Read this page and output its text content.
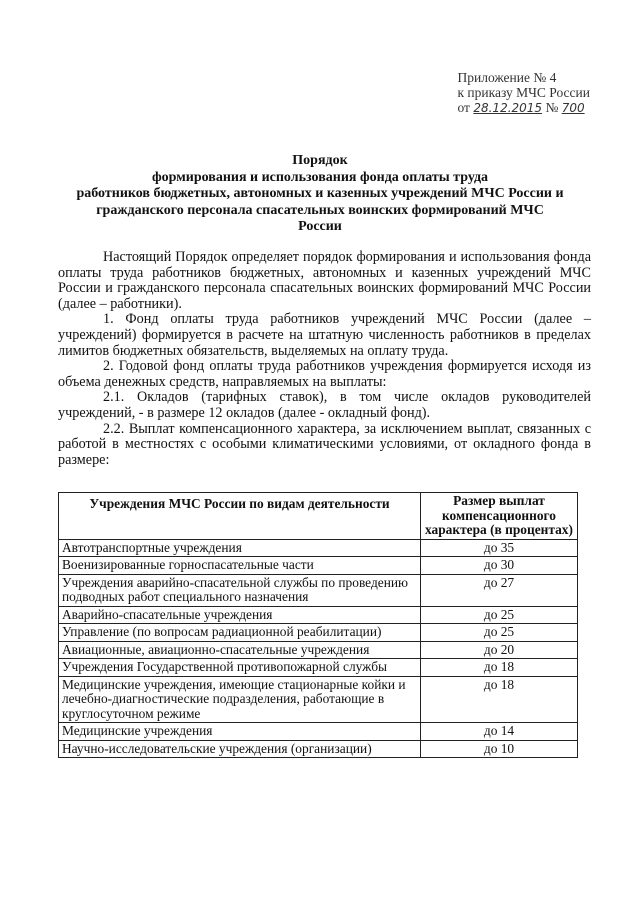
Приложение № 4
к приказу МЧС России
от 28.12.2015 № 700
Порядок
формирования и использования фонда оплаты труда
работников бюджетных, автономных и казенных учреждений МЧС России и
гражданского персонала спасательных воинских формирований МЧС
России

Настоящий Порядок определяет порядок формирования и использования фонда оплаты труда работников бюджетных, автономных и казенных учреждений МЧС России и гражданского персонала спасательных воинских формирований МЧС России (далее – работники).

1. Фонд оплаты труда работников учреждений МЧС России (далее – учреждений) формируется в расчете на штатную численность работников в пределах лимитов бюджетных обязательств, выделяемых на оплату труда.

2. Годовой фонд оплаты труда работников учреждения формируется исходя из объема денежных средств, направляемых на выплаты:

2.1. Окладов (тарифных ставок), в том числе окладов руководителей учреждений, - в размере 12 окладов (далее - окладный фонд).

2.2. Выплат компенсационного характера, за исключением выплат, связанных с работой в местностях с особыми климатическими условиями, от окладного фонда в размере:

Учреждения МЧС России по видам деятельности	Размер выплат компенсационного характера (в процентах)
Автотранспортные учреждения	до 35
Военизированные горноспасательные части	до 30
Учреждения аварийно-спасательной службы по проведению подводных работ специального назначения	до 27
Аварийно-спасательные учреждения	до 25
Управление (по вопросам радиационной реабилитации)	до 25
Авиационные, авиационно-спасательные учреждения	до 20
Учреждения Государственной противопожарной службы	до 18
Медицинские учреждения, имеющие стационарные койки и лечебно-диагностические подразделения, работающие в круглосуточном режиме	до 18
Медицинские учреждения	до 14
Научно-исследовательские учреждения (организации)	до 10
